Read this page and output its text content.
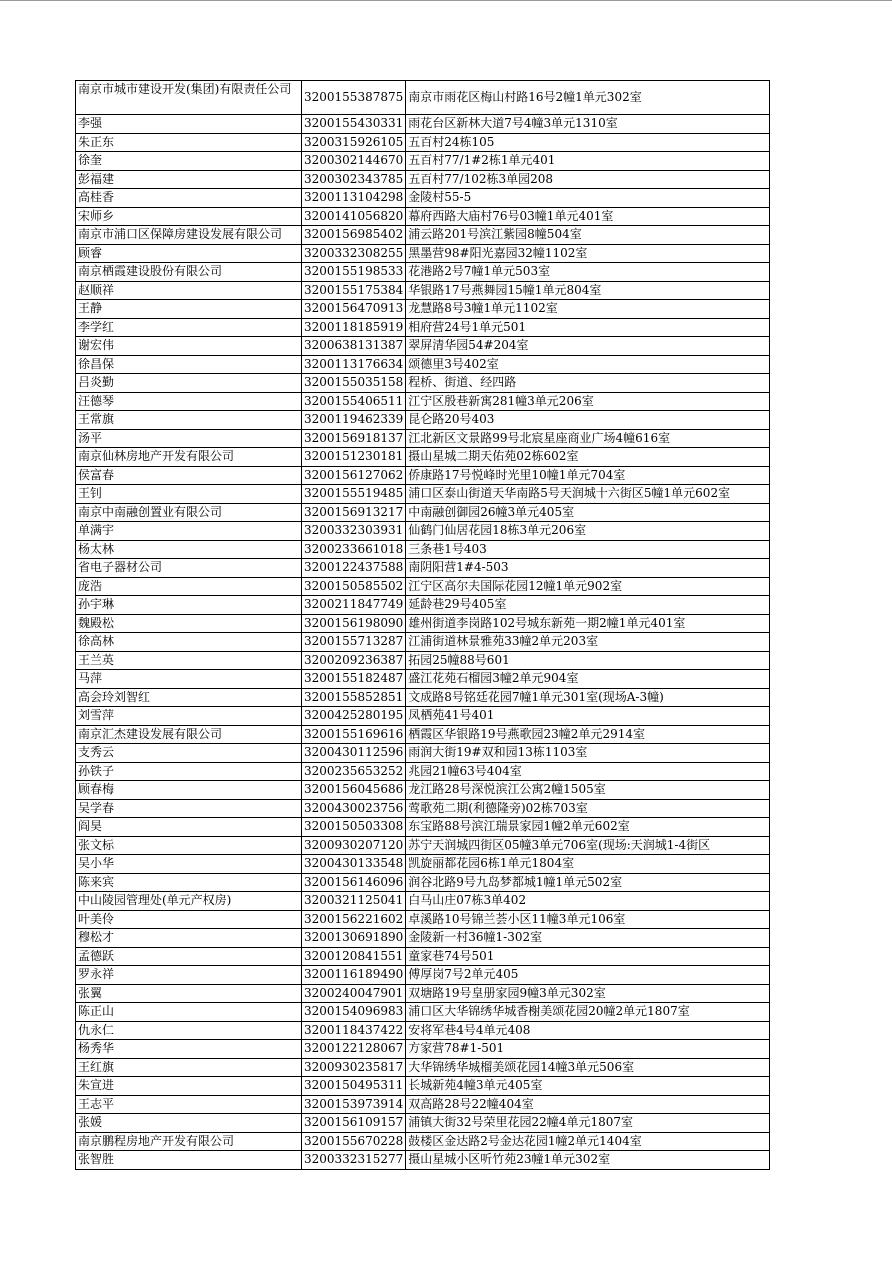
南京市城市建设开发(集团)有限责任公司	3200155387875	南京市雨花区梅山村路16号2幢1单元302室
李强	3200155430331	雨花台区新林大道7号4幢3单元1310室
朱正东	3200315926105	五百村24栋105
徐奎	3200302144670	五百村77/1#2栋1单元401
彭福建	3200302343785	五百村77/102栋3单园208
高桂香	3200113104298	金陵村55-5
宋师乡	3200141056820	幕府西路大庙村76号03幢1单元401室
南京市浦口区保障房建设发展有限公司	3200156985402	浦云路201号滨江紫园8幢504室
顾睿	3200332308255	黑墨营98#阳光嘉园32幢1102室
南京栖霞建设股份有限公司	3200155198533	花港路2号7幢1单元503室
赵顺祥	3200155175384	华银路17号燕舞园15幢1单元804室
王静	3200156470913	龙慧路8号3幢1单元1102室
李学红	3200118185919	相府营24号1单元501
谢宏伟	3200638131387	翠屏清华园54#204室
徐昌保	3200113176634	颂德里3号402室
吕炎勤	3200155035158	程桥、街道、经四路
汪德琴	3200155406511	江宁区殷巷新寓281幢3单元206室
王常旗	3200119462339	昆仑路20号403
汤平	3200156918137	江北新区文景路99号北宸星座商业广场4幢616室
南京仙林房地产开发有限公司	3200151230181	摄山星城二期天佑苑02栋602室
侯富春	3200156127062	侨康路17号悦峰时光里10幢1单元704室
王钊	3200155519485	浦口区泰山街道天华南路5号天润城十六街区5幢1单元602室
南京中南融创置业有限公司	3200156913217	中南融创御园26幢3单元405室
单满宇	3200332303931	仙鹤门仙居花园18栋3单元206室
杨太林	3200233661018	三条巷1号403
省电子器材公司	3200122437588	南阴阳营1#4-503
庞浩	3200150585502	江宁区高尔夫国际花园12幢1单元902室
孙宇琳	3200211847749	延龄巷29号405室
魏殿松	3200156198090	雄州街道李岗路102号城东新苑一期2幢1单元401室
徐高林	3200155713287	江浦街道林景雅苑33幢2单元203室
王兰英	3200209236387	拓园25幢88号601
马萍	3200155182487	盛江花苑石榴园3幢2单元904室
高会玲刘智红	3200155852851	文成路8号铭廷花园7幢1单元301室(现场A-3幢)
刘雪萍	3200425280195	凤栖苑41号401
南京汇杰建设发展有限公司	3200155169616	栖霞区华银路19号燕歌园23幢2单元2914室
支秀云	3200430112596	雨润大街19#双和园13栋1103室
孙铁子	3200235653252	兆园21幢63号404室
顾春梅	3200156045686	龙江路28号深悦滨江公寓2幢1505室
吴学春	3200430023756	莺歌苑二期(利德隆旁)02栋703室
阎昊	3200150503308	东宝路88号滨江瑞景家园1幢2单元602室
张文标	3200930207120	苏宁天润城四街区05幢3单元706室(现场:天润城1-4街区
吴小华	3200430133548	凯旋丽都花园6栋1单元1804室
陈来宾	3200156146096	润谷北路9号九岛梦都城1幢1单元502室
中山陵园管理处(单元产权房)	3200321125041	白马山庄07栋3单402
叶美伶	3200156221602	卓溪路10号锦兰荟小区11幢3单元106室
穆松才	3200130691890	金陵新一村36幢1-302室
孟德跃	3200120841551	童家巷74号501
罗永祥	3200116189490	傅厚岗7号2单元405
张翼	3200240047901	双塘路19号皇册家园9幢3单元302室
陈正山	3200154096983	浦口区大华锦绣华城香榭美颂花园20幢2单元1807室
仇永仁	3200118437422	安将军巷4号4单元408
杨秀华	3200122128067	方家营78#1-501
王红旗	3200930235817	大华锦绣华城榴美颂花园14幢3单元506室
朱宣进	3200150495311	长城新苑4幢3单元405室
王志平	3200153973914	双高路28号22幢404室
张媛	3200156109157	浦镇大街32号荣里花园22幢4单元1807室
南京鹏程房地产开发有限公司	3200155670228	鼓楼区金达路2号金达花园1幢2单元1404室
张智胜	3200332315277	摄山星城小区听竹苑23幢1单元302室
